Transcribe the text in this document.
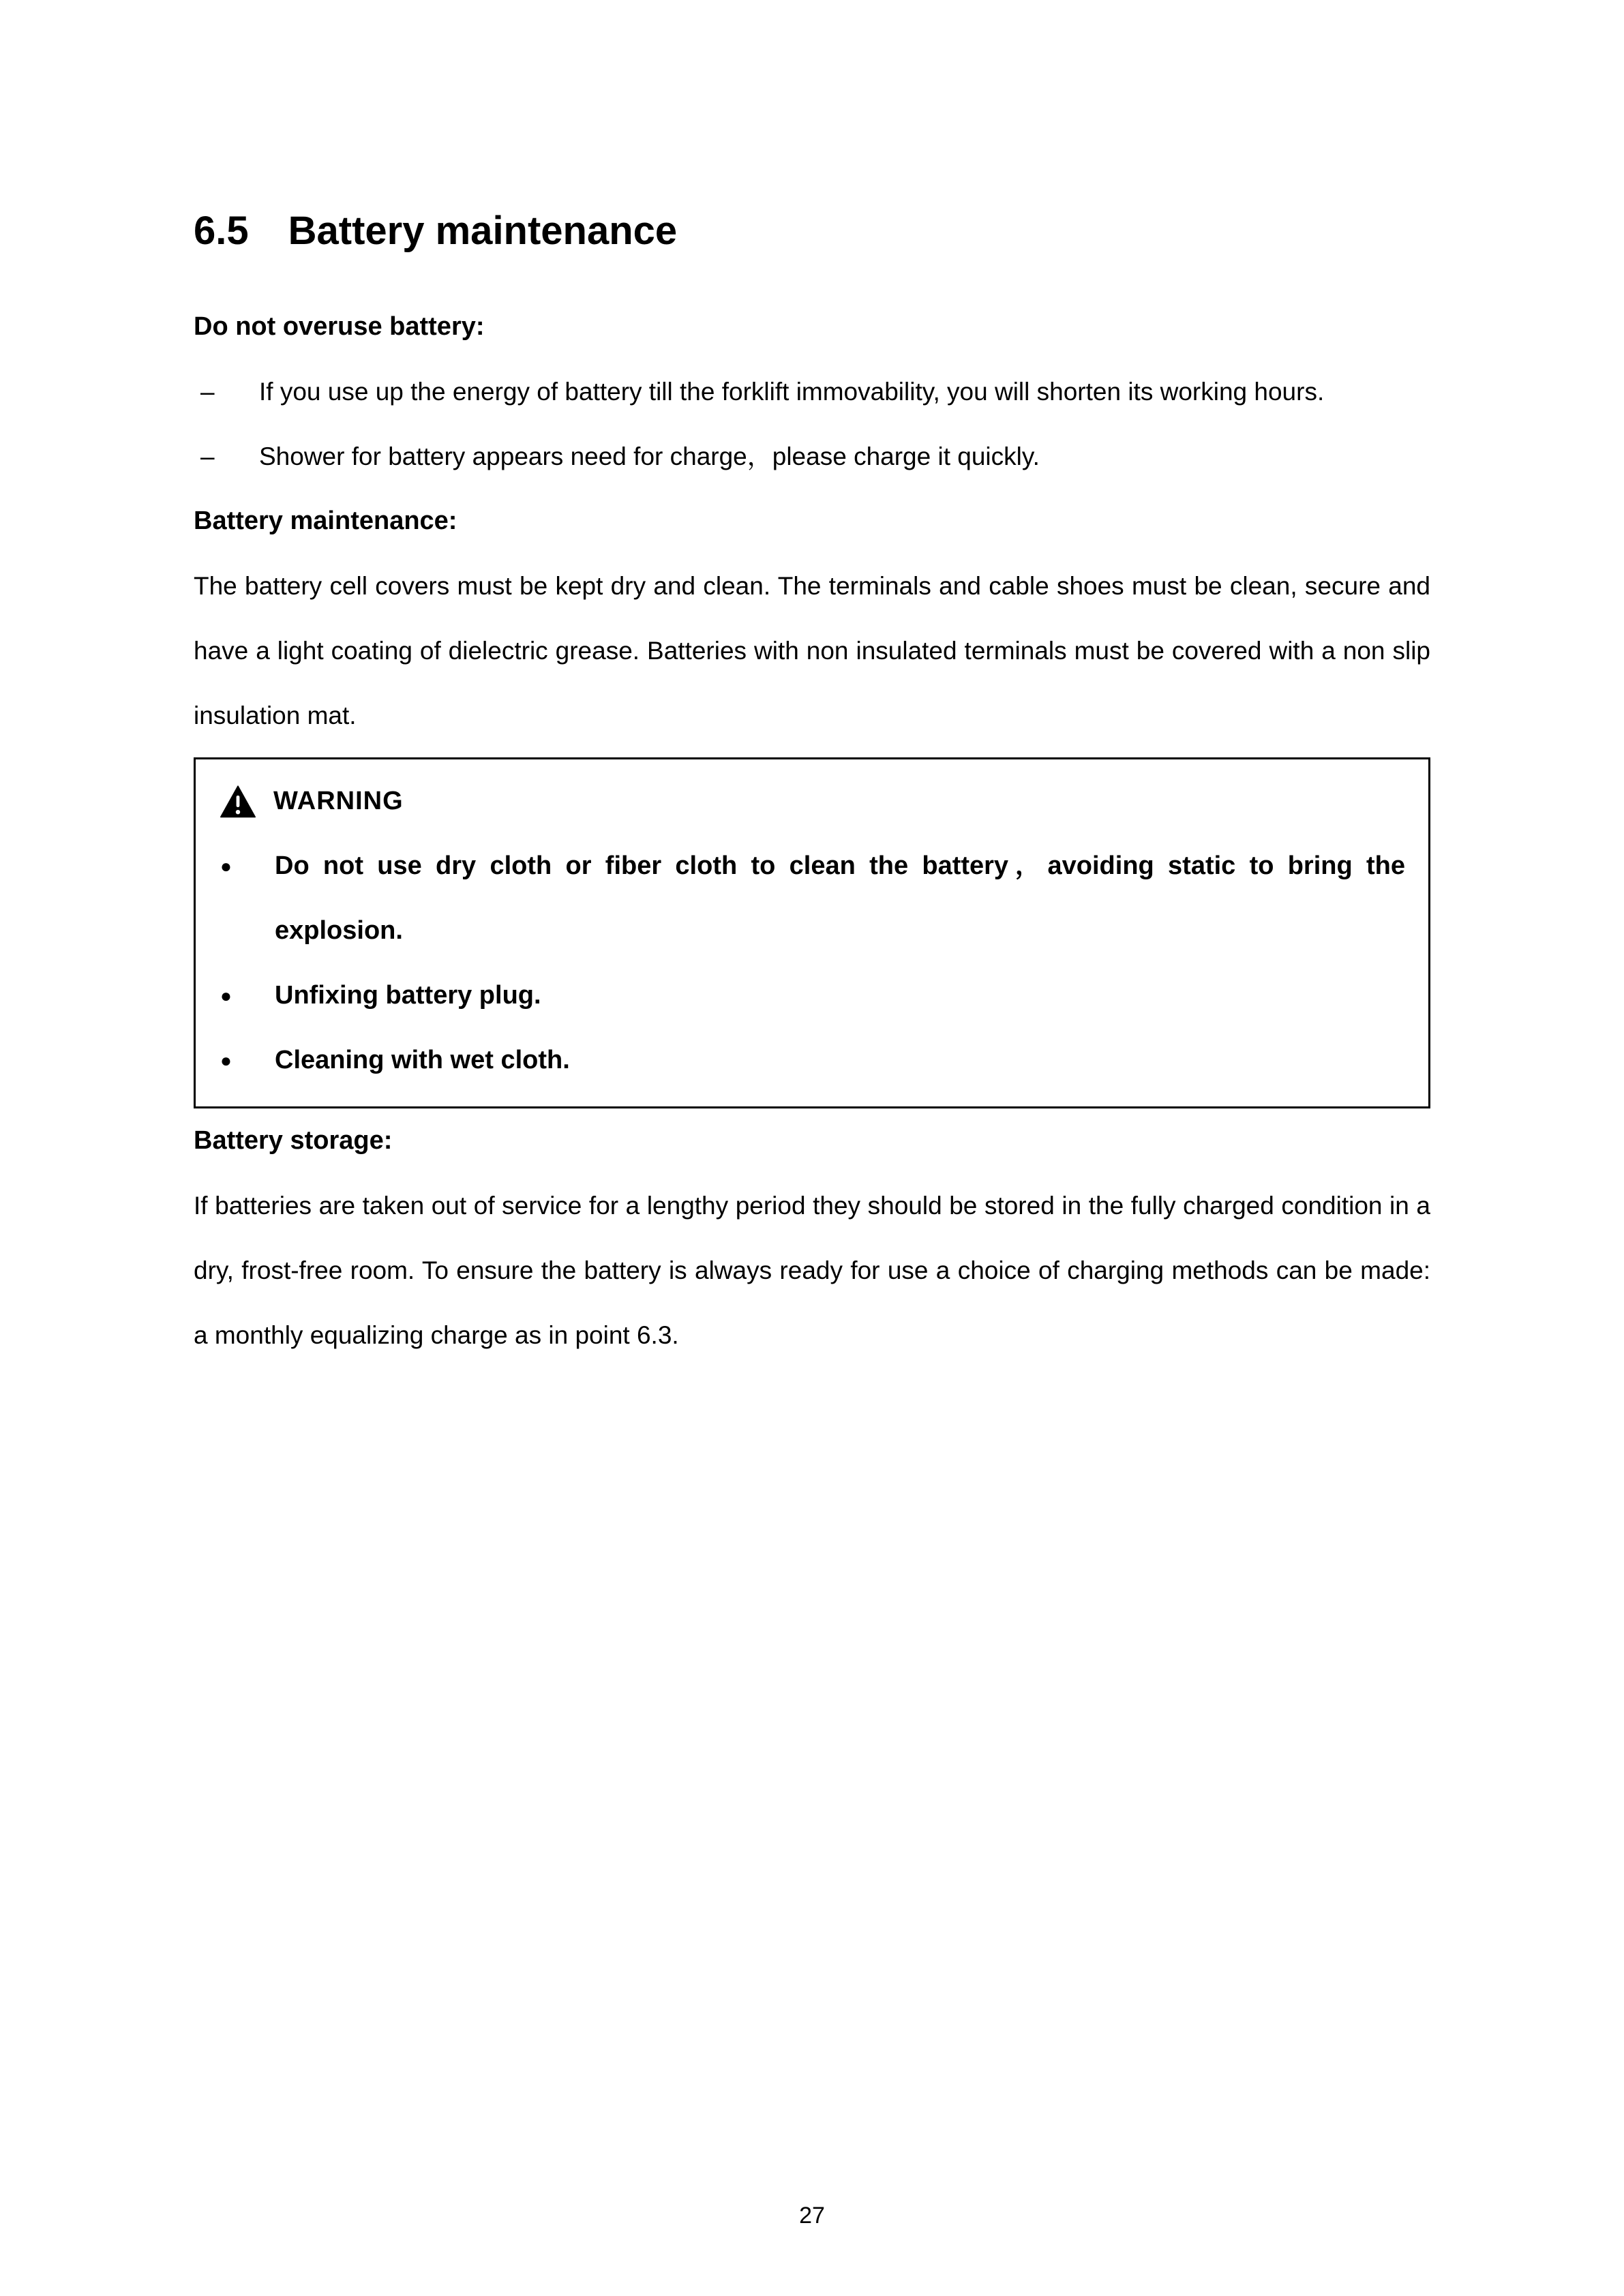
6.5 Battery maintenance
Do not overuse battery:
–	If you use up the energy of battery till the forklift immovability, you will shorten its working hours.
–	Shower for battery appears need for charge，please charge it quickly.
Battery maintenance:
The battery cell covers must be kept dry and clean. The terminals and cable shoes must be clean, secure and have a light coating of dielectric grease. Batteries with non insulated terminals must be covered with a non slip insulation mat.
WARNING
●	Do not use dry cloth or fiber cloth to clean the battery，avoiding static to bring the explosion.
●	Unfixing battery plug.
●	Cleaning with wet cloth.
Battery storage:
If batteries are taken out of service for a lengthy period they should be stored in the fully charged condition in a dry, frost-free room. To ensure the battery is always ready for use a choice of charging methods can be made: a monthly equalizing charge as in point 6.3.
27
